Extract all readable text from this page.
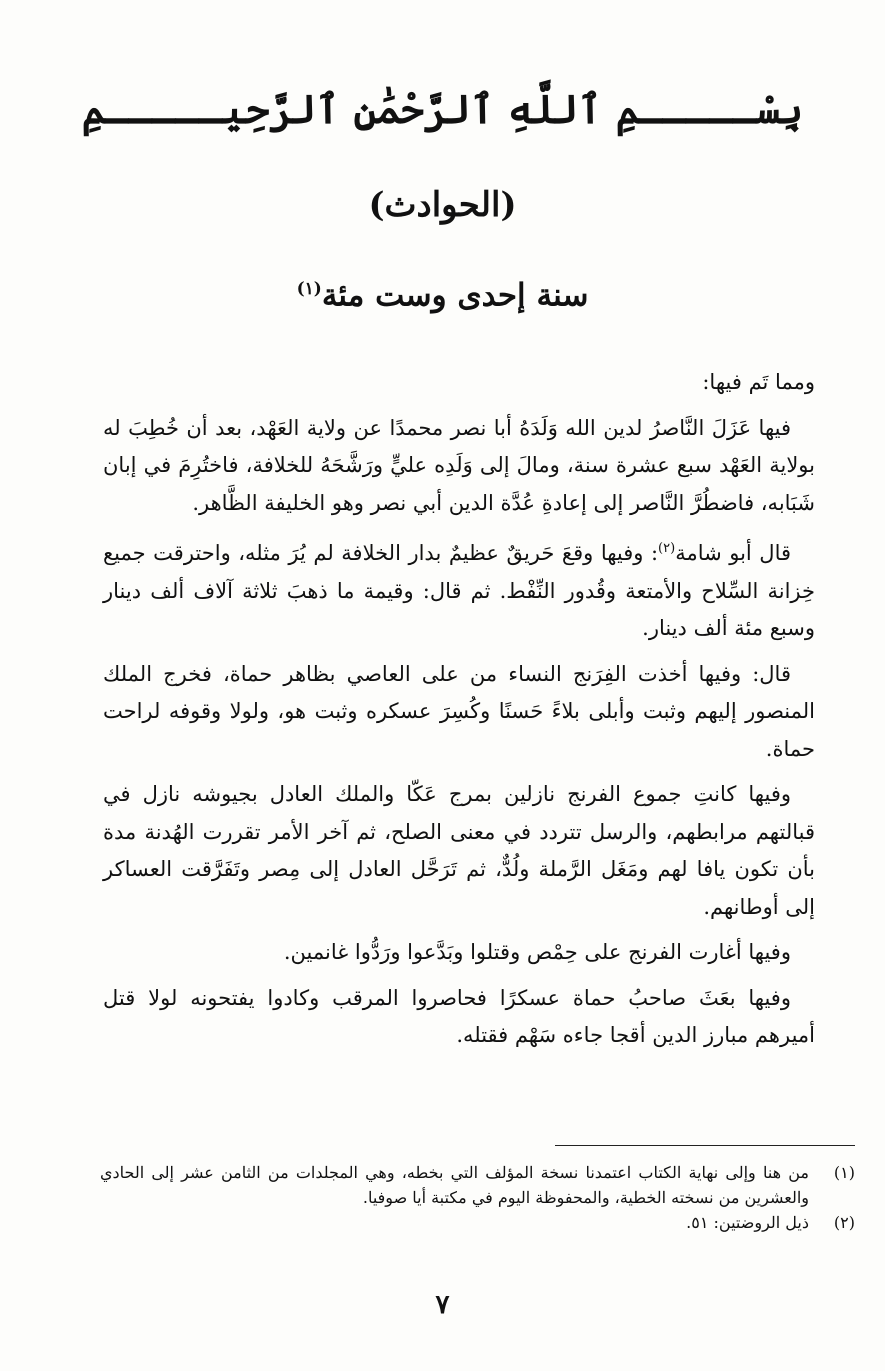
بِسْـــــمِ ٱللَّهِ ٱلرَّحْمَٰنِ ٱلرَّحِيـــــمِ
(الحوادث)
سنة إحدى وست مئة$^{(١)}$

ومما تَم فيها:

فيها عَزَلَ النَّاصرُ لدين الله وَلَدَهُ أبا نصر محمدًا عن ولاية العَهْد، بعد أن خُطِبَ له بولاية العَهْد سبع عشرة سنة، ومالَ إلى وَلَدِه عليٍّ ورَشَّحَهُ للخلافة، فاختُرِمَ في إبان شَبَابه، فاضطُرَّ النَّاصر إلى إعادةِ عُدَّة الدين أبي نصر وهو الخليفة الظَّاهر.

قال أبو شامة$^{(٢)}$: وفيها وقعَ حَريقٌ عظيمٌ بدار الخلافة لم يُرَ مثله، واحترقت جميع خِزانة السِّلاح والأمتعة وقُدور النِّفْط. ثم قال: وقيمة ما ذهبَ ثلاثة آلاف ألف دينار وسبع مئة ألف دينار.

قال: وفيها أخذت الفِرَنج النساء من على العاصي بظاهر حماة، فخرج الملك المنصور إليهم وثبت وأبلى بلاءً حَسنًا وكُسِرَ عسكره وثبت هو، ولولا وقوفه لراحت حماة.

وفيها كانتِ جموع الفرنج نازلين بمرج عَكّا والملك العادل بجيوشه نازل في قبالتهم مرابطهم، والرسل تتردد في معنى الصلح، ثم آخر الأمر تقررت الهُدنة مدة بأن تكون يافا لهم ومَغَل الرَّملة ولُدٌّ، ثم تَرَحَّل العادل إلى مِصر وتَفَرَّقت العساكر إلى أوطانهم.

وفيها أغارت الفرنج على حِمْص وقتلوا وبَدَّعوا ورَدُّوا غانمين.

وفيها بعَثَ صاحبُ حماة عسكرًا فحاصروا المرقب وكادوا يفتحونه لولا قتل أميرهم مبارز الدين أقجا جاءه سَهْم فقتله.

(١)
من هنا وإلى نهاية الكتاب اعتمدنا نسخة المؤلف التي بخطه، وهي المجلدات من الثامن عشر إلى الحادي والعشرين من نسخته الخطية، والمحفوظة اليوم في مكتبة أيا صوفيا.
(٢)
ذيل الروضتين: ٥١.
٧
